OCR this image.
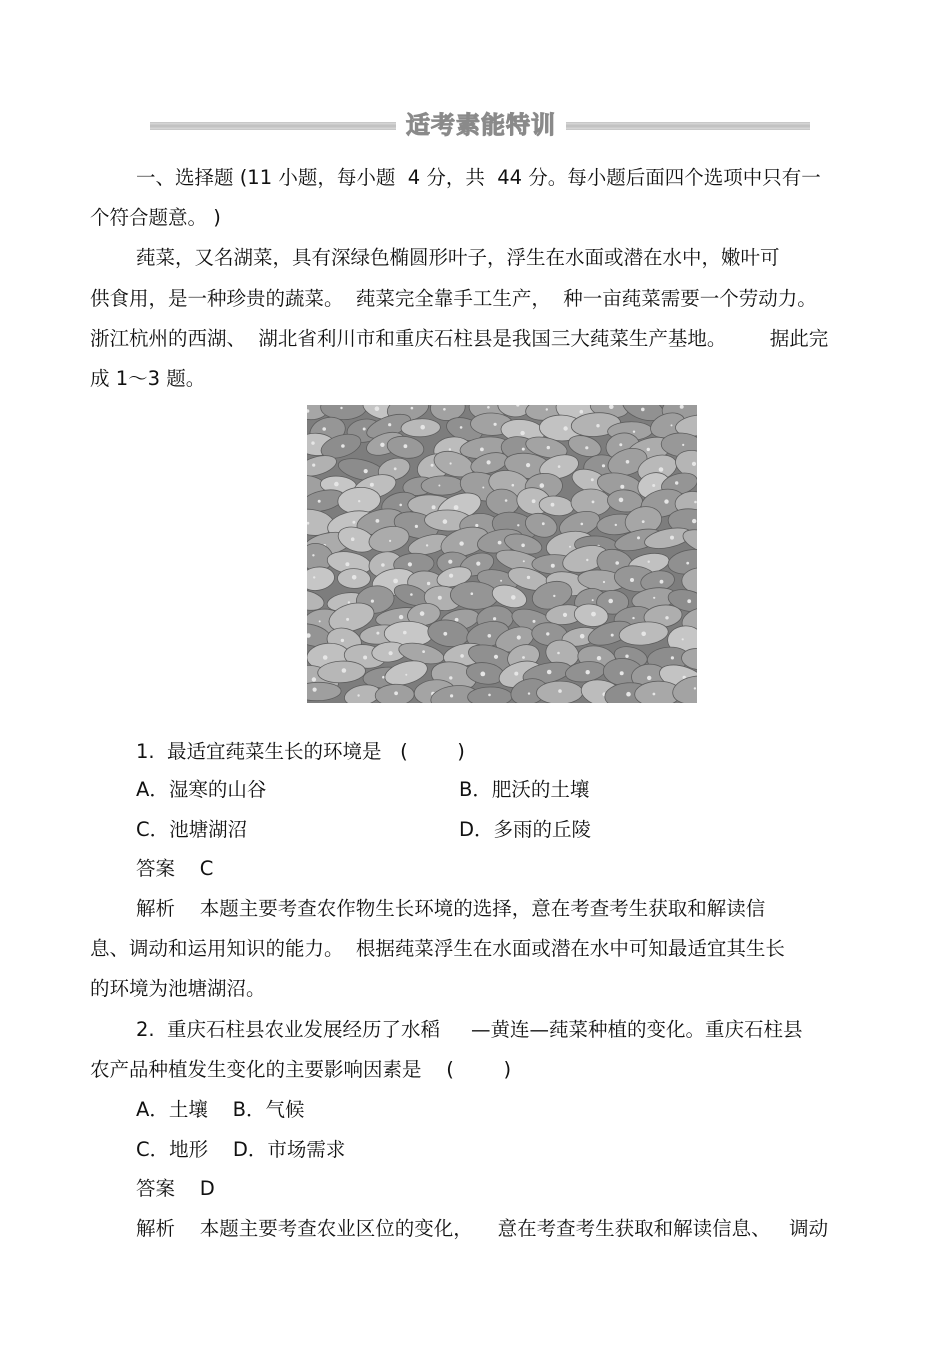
适考素能特训
一、选择题 (11 小题，每小题  4 分，共  44 分。每小题后面四个选项中只有一
个符合题意。 )
莼菜，又名湖菜，具有深绿色椭圆形叶子，浮生在水面或潜在水中，嫩叶可
供食用，是一种珍贵的蔬菜。  莼菜完全靠手工生产，  种一亩莼菜需要一个劳动力。
浙江杭州的西湖、  湖北省利川市和重庆石柱县是我国三大莼菜生产基地。       据此完
成 1～3 题。
1.  最适宜莼菜生长的环境是   (        )
A．湿寒的山谷	B．肥沃的土壤
C．池塘湖沼	D．多雨的丘陵
答案    C
解析    本题主要考查农作物生长环境的选择，意在考查考生获取和解读信
息、调动和运用知识的能力。  根据莼菜浮生在水面或潜在水中可知最适宜其生长
的环境为池塘湖沼。
2.  重庆石柱县农业发展经历了水稻     —黄连—莼菜种植的变化。重庆石柱县
农产品种植发生变化的主要影响因素是    (        )
A．土壤    B．气候
C．地形    D．市场需求
答案    D
解析    本题主要考查农业区位的变化，    意在考查考生获取和解读信息、   调动
